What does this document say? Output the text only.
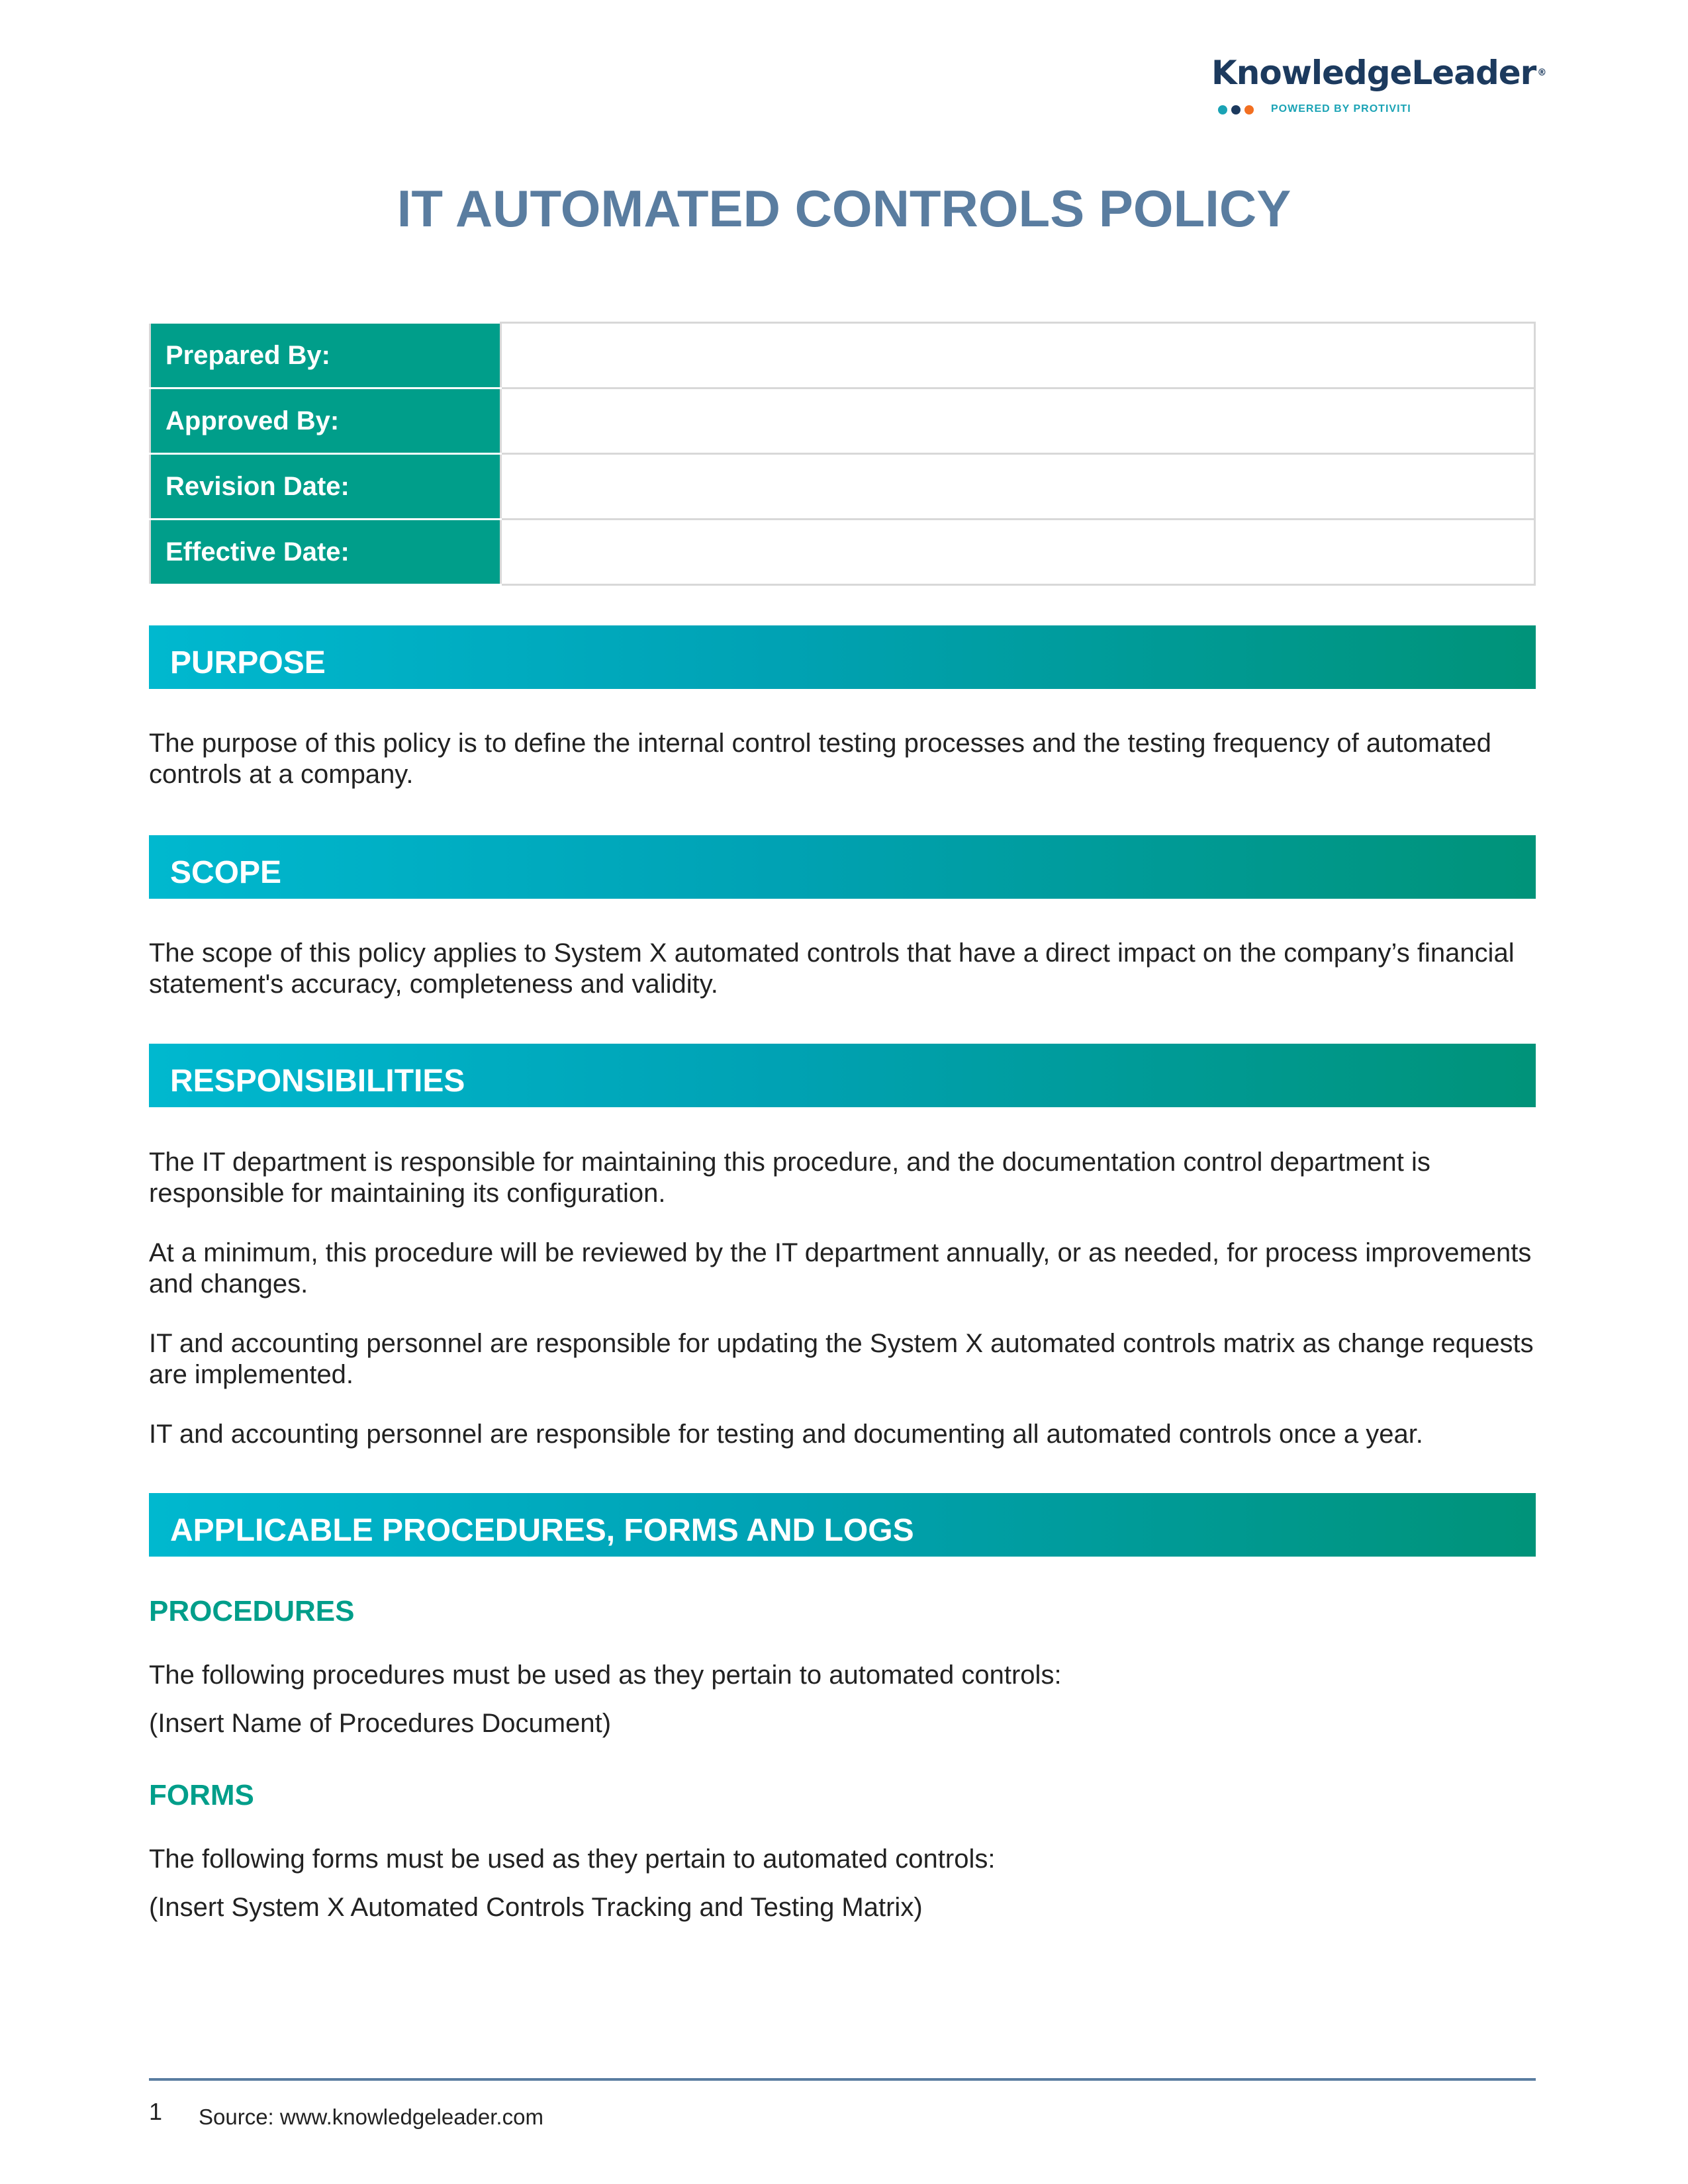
KnowledgeLeader ®
POWERED BY PROTIVITI
IT AUTOMATED CONTROLS POLICY
Prepared By:	
Approved By:	
Revision Date:	
Effective Date:	
PURPOSE

The purpose of this policy is to define the internal control testing processes and the testing frequency of automated controls at a company.

SCOPE

The scope of this policy applies to System X automated controls that have a direct impact on the company’s financial statement's accuracy, completeness and validity.

RESPONSIBILITIES

The IT department is responsible for maintaining this procedure, and the documentation control department is responsible for maintaining its configuration.

At a minimum, this procedure will be reviewed by the IT department annually, or as needed, for process improvements and changes.

IT and accounting personnel are responsible for updating the System X automated controls matrix as change requests are implemented.

IT and accounting personnel are responsible for testing and documenting all automated controls once a year.

APPLICABLE PROCEDURES, FORMS AND LOGS
PROCEDURES

The following procedures must be used as they pertain to automated controls:

(Insert Name of Procedures Document)

FORMS

The following forms must be used as they pertain to automated controls:

(Insert System X Automated Controls Tracking and Testing Matrix)

1 Source: www.knowledgeleader.com
